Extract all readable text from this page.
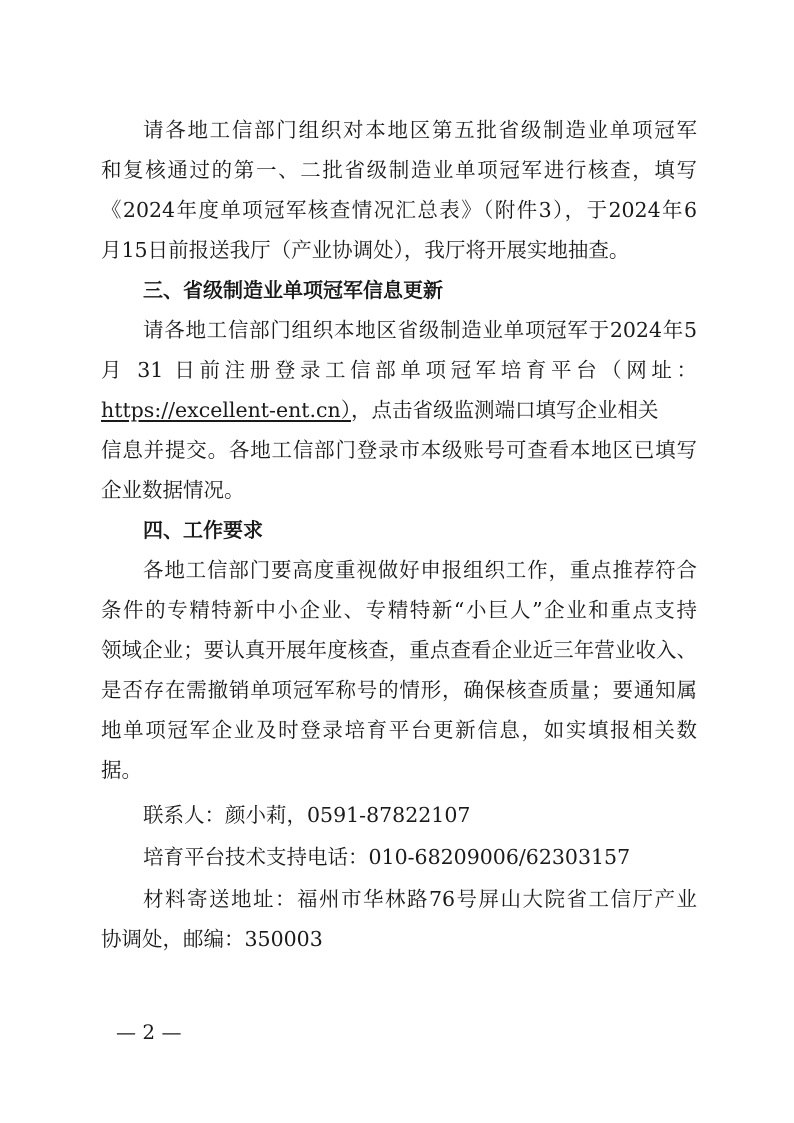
请各地工信部门组织对本地区第五批省级制造业单项冠军
和复核通过的第一、二批省级制造业单项冠军进行核查，填写
《2024年度单项冠军核查情况汇总表》（附件3），于2024年6
月15日前报送我厅（产业协调处），我厅将开展实地抽查。
三、省级制造业单项冠军信息更新
请各地工信部门组织本地区省级制造业单项冠军于2024年5
月 31 日前注册登录工信部单项冠军培育平台（网址：
https://excellent-ent.cn），点击省级监测端口填写企业相关
信息并提交。各地工信部门登录市本级账号可查看本地区已填写
企业数据情况。
四、工作要求
各地工信部门要高度重视做好申报组织工作，重点推荐符合
条件的专精特新中小企业、专精特新“小巨人”企业和重点支持
领域企业；要认真开展年度核查，重点查看企业近三年营业收入、
是否存在需撤销单项冠军称号的情形，确保核查质量；要通知属
地单项冠军企业及时登录培育平台更新信息，如实填报相关数
据。
联系人：颜小莉，0591-87822107
培育平台技术支持电话：010-68209006/62303157
材料寄送地址：福州市华林路76号屏山大院省工信厅产业
协调处，邮编：350003
— 2 —
